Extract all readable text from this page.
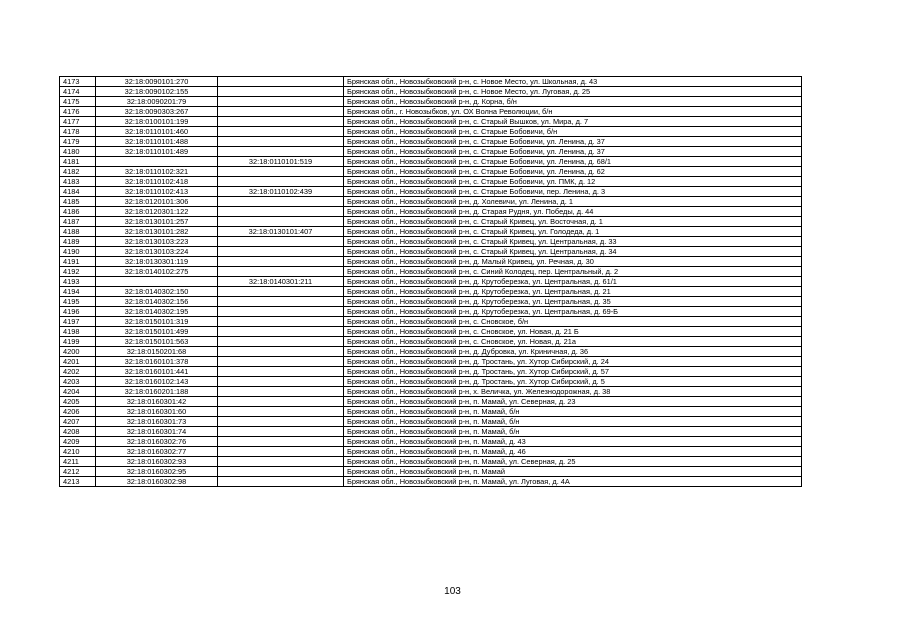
4173	32:18:0090101:270		Брянская обл., Новозыбковский р-н, с. Новое Место, ул. Школьная, д. 43
4174	32:18:0090102:155		Брянская обл., Новозыбковский р-н, с. Новое Место, ул. Луговая, д. 25
4175	32:18:0090201:79		Брянская обл., Новозыбковский р-н, д. Корна, б/н
4176	32:18:0090303:267		Брянская обл., г. Новозыбков, ул. ОХ Волна Революции, б/н
4177	32:18:0100101:199		Брянская обл., Новозыбковский р-н, с. Старый Вышков, ул. Мира, д. 7
4178	32:18:0110101:460		Брянская обл., Новозыбковский р-н, с. Старые Бобовичи, б/н
4179	32:18:0110101:488		Брянская обл., Новозыбковский р-н, с. Старые Бобовичи, ул. Ленина, д. 37
4180	32:18:0110101:489		Брянская обл., Новозыбковский р-н, с. Старые Бобовичи, ул. Ленина, д. 37
4181		32:18:0110101:519	Брянская обл., Новозыбковский р-н, с. Старые Бобовичи, ул. Ленина, д. 68/1
4182	32:18:0110102:321		Брянская обл., Новозыбковский р-н, с. Старые Бобовичи, ул. Ленина, д. 62
4183	32:18:0110102:418		Брянская обл., Новозыбковский р-н, с. Старые Бобовичи, ул. ПМК, д. 12
4184	32:18:0110102:413	32:18:0110102:439	Брянская обл., Новозыбковский р-н, с. Старые Бобовичи, пер. Ленина, д. 3
4185	32:18:0120101:306		Брянская обл., Новозыбковский р-н, д. Холевичи, ул. Ленина, д. 1
4186	32:18:0120301:122		Брянская обл., Новозыбковский р-н, д. Старая Рудня, ул. Победы, д. 44
4187	32:18:0130101:257		Брянская обл., Новозыбковский р-н, с. Старый Кривец, ул. Восточная, д. 1
4188	32:18:0130101:282	32:18:0130101:407	Брянская обл., Новозыбковский р-н, с. Старый Кривец, ул. Голодеда, д. 1
4189	32:18:0130103:223		Брянская обл., Новозыбковский р-н, с. Старый Кривец, ул. Центральная, д. 33
4190	32:18:0130103:224		Брянская обл., Новозыбковский р-н, с. Старый Кривец, ул. Центральная, д. 34
4191	32:18:0130301:119		Брянская обл., Новозыбковский р-н, д. Малый Кривец, ул. Речная, д. 30
4192	32:18:0140102:275		Брянская обл., Новозыбковский р-н, с. Синий Колодец, пер. Центральный, д. 2
4193		32:18:0140301:211	Брянская обл., Новозыбковский р-н, д. Крутоберезка, ул. Центральная, д. 61/1
4194	32:18:0140302:150		Брянская обл., Новозыбковский р-н, д. Крутоберезка, ул. Центральная, д. 21
4195	32:18:0140302:156		Брянская обл., Новозыбковский р-н, д. Крутоберезка, ул. Центральная, д. 35
4196	32:18:0140302:195		Брянская обл., Новозыбковский р-н, д. Крутоберезка, ул. Центральная, д. 69-Б
4197	32:18:0150101:319		Брянская обл., Новозыбковский р-н, с. Сновское, б/н
4198	32:18:0150101:499		Брянская обл., Новозыбковский р-н, с. Сновское, ул. Новая, д. 21 Б
4199	32:18:0150101:563		Брянская обл., Новозыбковский р-н, с. Сновское, ул. Новая, д. 21а
4200	32:18:0150201:68		Брянская обл., Новозыбковский р-н, д. Дубровка, ул. Криничная, д. 36
4201	32:18:0160101:378		Брянская обл., Новозыбковский р-н, д. Тростань, ул. Хутор Сибирский, д. 24
4202	32:18:0160101:441		Брянская обл., Новозыбковский р-н, д. Тростань, ул. Хутор Сибирский, д. 57
4203	32:18:0160102:143		Брянская обл., Новозыбковский р-н, д. Тростань, ул. Хутор Сибирский, д. 5
4204	32:18:0160201:188		Брянская обл., Новозыбковский р-н, х. Величка, ул. Железнодорожная, д. 38
4205	32:18:0160301:42		Брянская обл., Новозыбковский р-н, п. Мамай, ул. Северная, д. 23
4206	32:18:0160301:60		Брянская обл., Новозыбковский р-н, п. Мамай, б/н
4207	32:18:0160301:73		Брянская обл., Новозыбковский р-н, п. Мамай, б/н
4208	32:18:0160301:74		Брянская обл., Новозыбковский р-н, п. Мамай, б/н
4209	32:18:0160302:76		Брянская обл., Новозыбковский р-н, п. Мамай, д. 43
4210	32:18:0160302:77		Брянская обл., Новозыбковский р-н, п. Мамай, д. 46
4211	32:18:0160302:93		Брянская обл., Новозыбковский р-н, п. Мамай, ул. Северная, д. 25
4212	32:18:0160302:95		Брянская обл., Новозыбковский р-н, п. Мамай
4213	32:18:0160302:98		Брянская обл., Новозыбковский р-н, п. Мамай, ул. Луговая, д. 4А
103
